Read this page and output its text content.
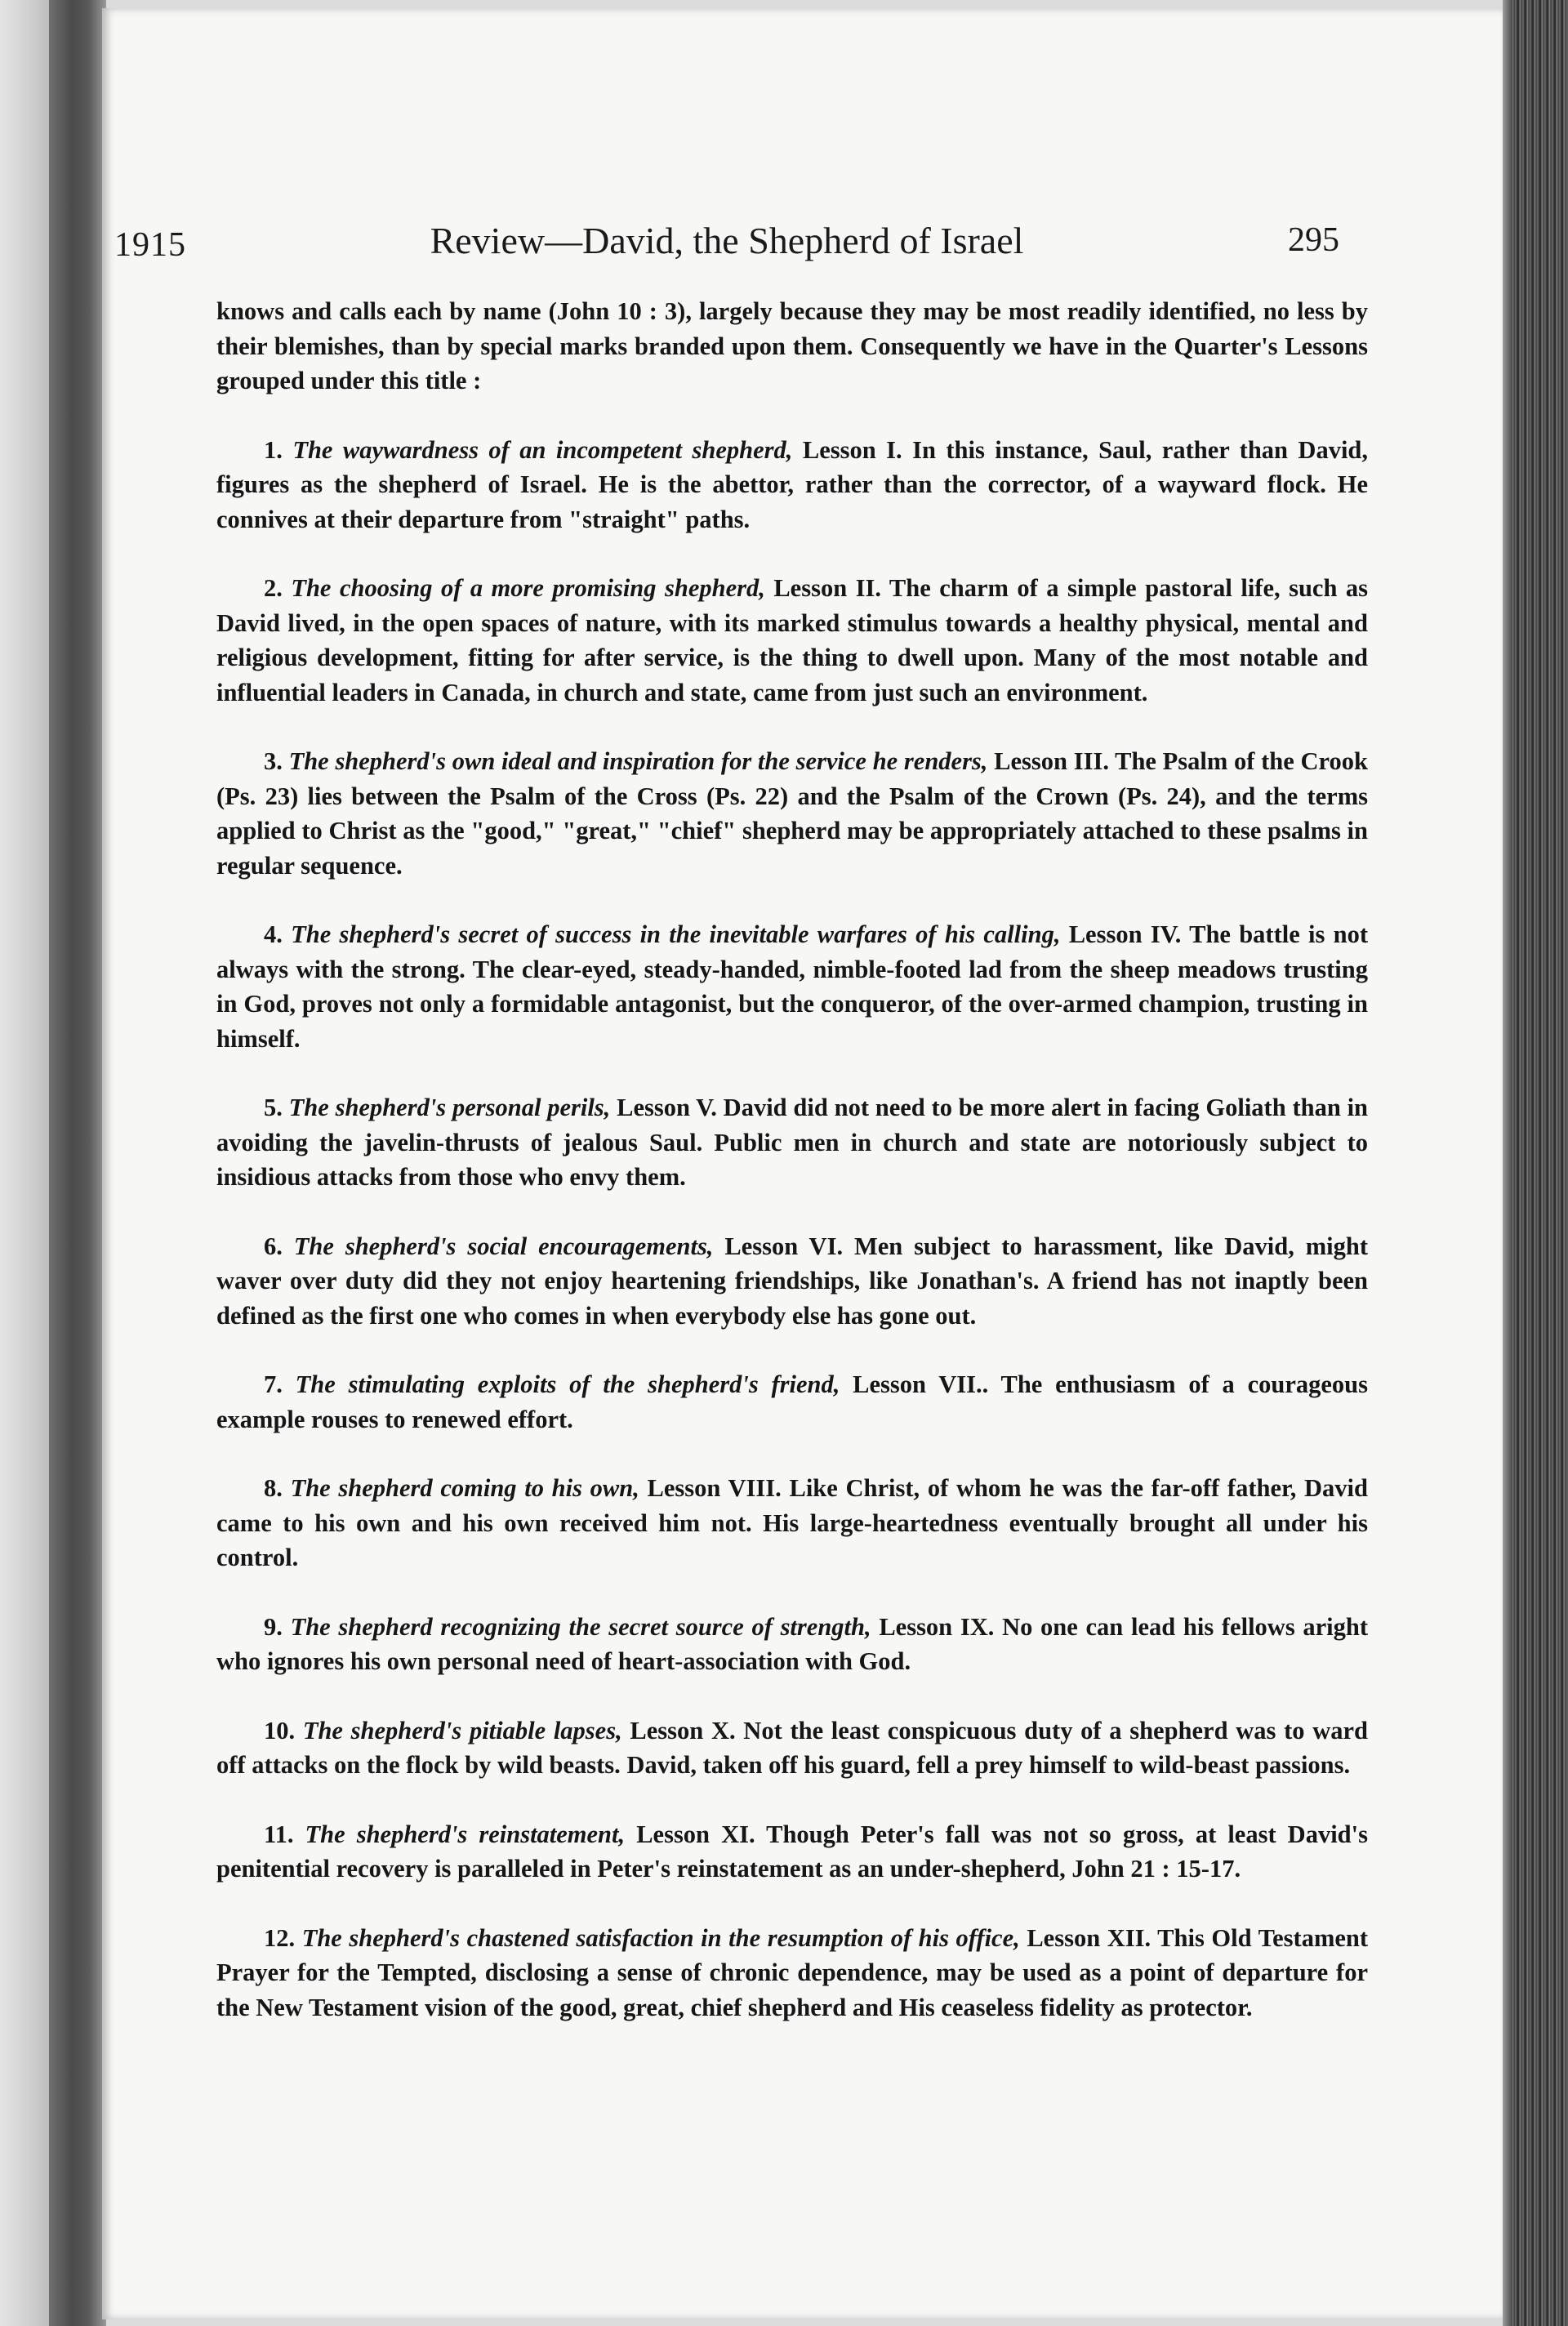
1915	Review—David, the Shepherd of Israel	295

knows and calls each by name (John 10 : 3), largely because they may be most readily identified, no less by their blemishes, than by special marks branded upon them. Consequently we have in the Quarter's Lessons grouped under this title :

1. The waywardness of an incompetent shepherd, Lesson I. In this instance, Saul, rather than David, figures as the shepherd of Israel. He is the abettor, rather than the corrector, of a wayward flock. He connives at their departure from "straight" paths.

2. The choosing of a more promising shepherd, Lesson II. The charm of a simple pastoral life, such as David lived, in the open spaces of nature, with its marked stimulus towards a healthy physical, mental and religious development, fitting for after service, is the thing to dwell upon. Many of the most notable and influential leaders in Canada, in church and state, came from just such an environment.

3. The shepherd's own ideal and inspiration for the service he renders, Lesson III. The Psalm of the Crook (Ps. 23) lies between the Psalm of the Cross (Ps. 22) and the Psalm of the Crown (Ps. 24), and the terms applied to Christ as the "good," "great," "chief" shepherd may be appropriately attached to these psalms in regular sequence.

4. The shepherd's secret of success in the inevitable warfares of his calling, Lesson IV. The battle is not always with the strong. The clear-eyed, steady-handed, nimble-footed lad from the sheep meadows trusting in God, proves not only a formidable antagonist, but the conqueror, of the over-armed champion, trusting in himself.

5. The shepherd's personal perils, Lesson V. David did not need to be more alert in facing Goliath than in avoiding the javelin-thrusts of jealous Saul. Public men in church and state are notoriously subject to insidious attacks from those who envy them.

6. The shepherd's social encouragements, Lesson VI. Men subject to harassment, like David, might waver over duty did they not enjoy heartening friendships, like Jonathan's. A friend has not inaptly been defined as the first one who comes in when everybody else has gone out.

7. The stimulating exploits of the shepherd's friend, Lesson VII.. The enthusiasm of a courageous example rouses to renewed effort.

8. The shepherd coming to his own, Lesson VIII. Like Christ, of whom he was the far-off father, David came to his own and his own received him not. His large-heartedness eventually brought all under his control.

9. The shepherd recognizing the secret source of strength, Lesson IX. No one can lead his fellows aright who ignores his own personal need of heart-association with God.

10. The shepherd's pitiable lapses, Lesson X. Not the least conspicuous duty of a shepherd was to ward off attacks on the flock by wild beasts. David, taken off his guard, fell a prey himself to wild-beast passions.

11. The shepherd's reinstatement, Lesson XI. Though Peter's fall was not so gross, at least David's penitential recovery is paralleled in Peter's reinstatement as an under-shepherd, John 21 : 15-17.

12. The shepherd's chastened satisfaction in the resumption of his office, Lesson XII. This Old Testament Prayer for the Tempted, disclosing a sense of chronic dependence, may be used as a point of departure for the New Testament vision of the good, great, chief shepherd and His ceaseless fidelity as protector.
